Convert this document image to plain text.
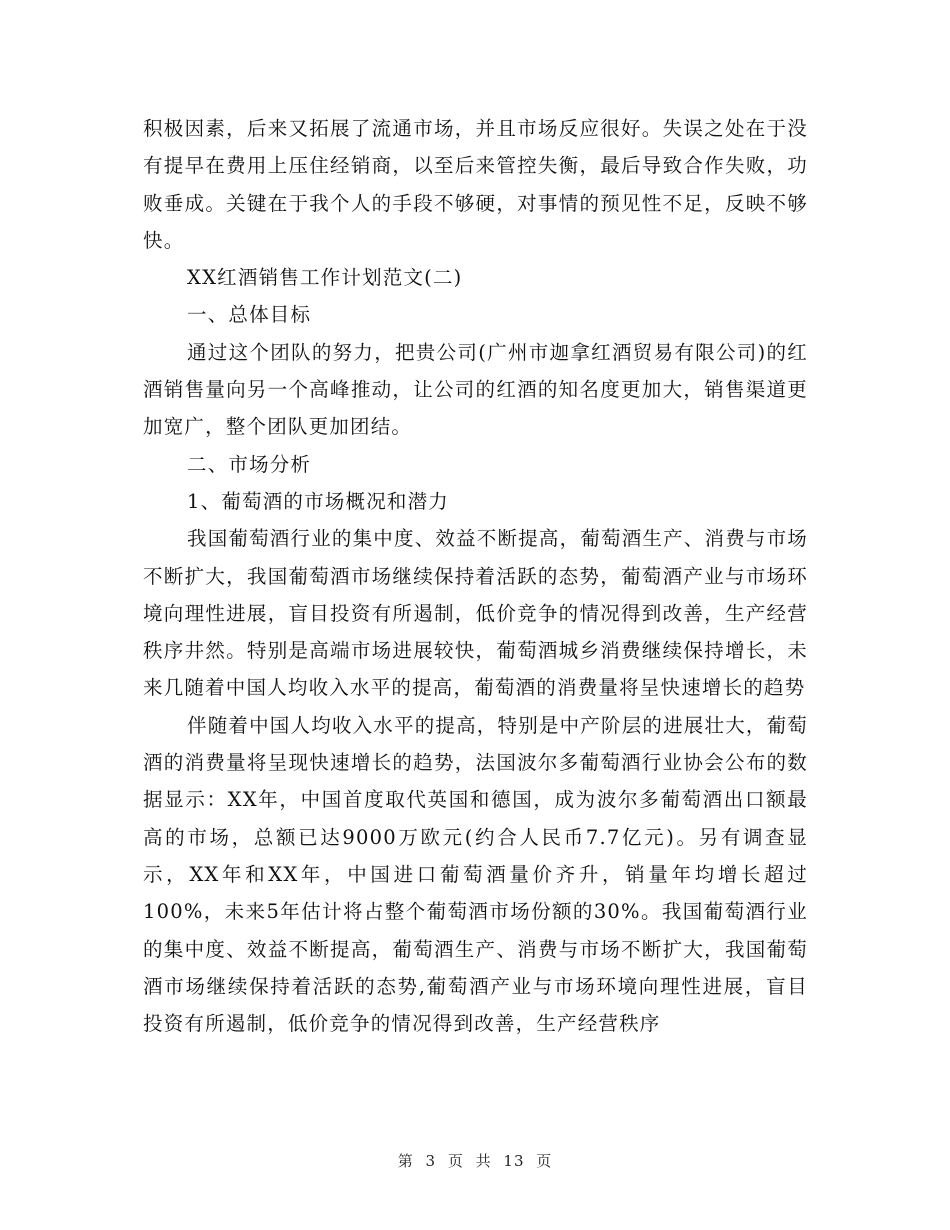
积极因素，后来又拓展了流通市场，并且市场反应很好。失误之处在于没有提早在费用上压住经销商，以至后来管控失衡，最后导致合作失败，功败垂成。关键在于我个人的手段不够硬，对事情的预见性不足，反映不够快。

XX红酒销售工作计划范文(二)

一、总体目标

通过这个团队的努力，把贵公司(广州市迦拿红酒贸易有限公司)的红酒销售量向另一个高峰推动，让公司的红酒的知名度更加大，销售渠道更加宽广，整个团队更加团结。

二、市场分析

1、葡萄酒的市场概况和潜力

我国葡萄酒行业的集中度、效益不断提高，葡萄酒生产、消费与市场不断扩大，我国葡萄酒市场继续保持着活跃的态势，葡萄酒产业与市场环境向理性进展，盲目投资有所遏制，低价竞争的情况得到改善，生产经营秩序井然。特别是高端市场进展较快，葡萄酒城乡消费继续保持增长，未来几随着中国人均收入水平的提高，葡萄酒的消费量将呈快速增长的趋势

伴随着中国人均收入水平的提高，特别是中产阶层的进展壮大，葡萄酒的消费量将呈现快速增长的趋势，法国波尔多葡萄酒行业协会公布的数据显示：XX年，中国首度取代英国和德国，成为波尔多葡萄酒出口额最高的市场，总额已达9000万欧元(约合人民币7.7亿元)。另有调查显示，XX年和XX年，中国进口葡萄酒量价齐升，销量年均增长超过100%，未来5年估计将占整个葡萄酒市场份额的30%。我国葡萄酒行业的集中度、效益不断提高，葡萄酒生产、消费与市场不断扩大，我国葡萄酒市场继续保持着活跃的态势,葡萄酒产业与市场环境向理性进展，盲目投资有所遏制，低价竞争的情况得到改善，生产经营秩序

第 3 页 共 13 页
